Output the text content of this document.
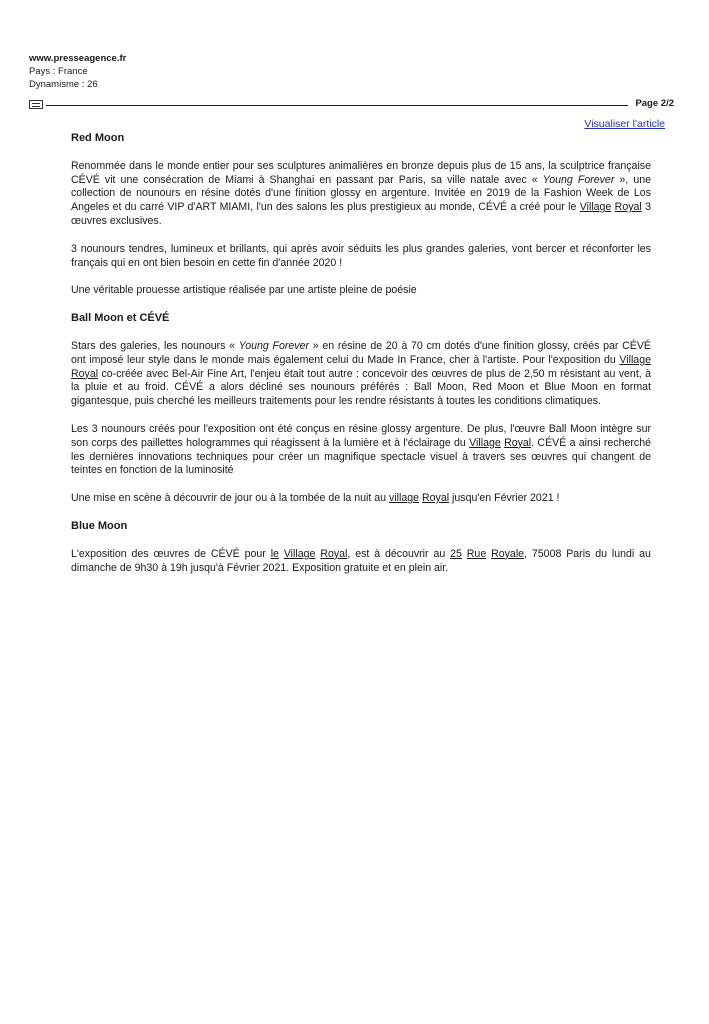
www.presseagence.fr
Pays : France
Dynamisme : 26
Page 2/2
Visualiser l'article
Red Moon

Renommée dans le monde entier pour ses sculptures animalières en bronze depuis plus de 15 ans, la sculptrice française CÉVÉ vit une consécration de Miami à Shanghai en passant par Paris, sa ville natale avec « Young Forever », une collection de nounours en résine dotés d'une finition glossy en argenture. Invitée en 2019 de la Fashion Week de Los Angeles et du carré VIP d'ART MIAMI, l'un des salons les plus prestigieux au monde, CÉVÉ a créé pour le Village Royal 3 œuvres exclusives.

3 nounours tendres, lumineux et brillants, qui après avoir séduits les plus grandes galeries, vont bercer et réconforter les français qui en ont bien besoin en cette fin d'année 2020 !

Une véritable prouesse artistique réalisée par une artiste pleine de poésie

Ball Moon et CÉVÉ

Stars des galeries, les nounours « Young Forever » en résine de 20 à 70 cm dotés d'une finition glossy, créés par CÉVÉ ont imposé leur style dans le monde mais également celui du Made In France, cher à l'artiste. Pour l'exposition du Village Royal co-créée avec Bel-Air Fine Art, l'enjeu était tout autre : concevoir des œuvres de plus de 2,50 m résistant au vent, à la pluie et au froid. CÉVÉ a alors décliné ses nounours préférés : Ball Moon, Red Moon et Blue Moon en format gigantesque, puis cherché les meilleurs traitements pour les rendre résistants à toutes les conditions climatiques.

Les 3 nounours créés pour l'exposition ont été conçus en résine glossy argenture. De plus, l'œuvre Ball Moon intègre sur son corps des paillettes hologrammes qui réagissent à la lumière et à l'éclairage du Village Royal. CÉVÉ a ainsi recherché les dernières innovations techniques pour créer un magnifique spectacle visuel à travers ses œuvres qui changent de teintes en fonction de la luminosité

Une mise en scène à découvrir de jour ou à la tombée de la nuit au village Royal jusqu'en Février 2021 !

Blue Moon

L'exposition des œuvres de CÉVÉ pour le Village Royal, est à découvrir au 25 Rue Royale, 75008 Paris du lundi au dimanche de 9h30 à 19h jusqu'à Février 2021. Exposition gratuite et en plein air.
